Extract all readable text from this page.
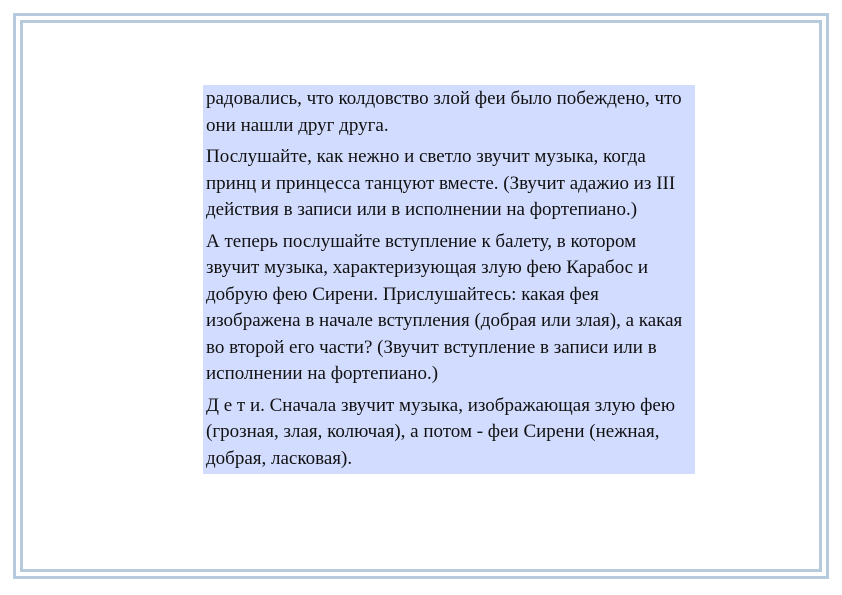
радовались, что колдовство злой феи было побеждено, что они нашли друг друга.

Послушайте, как нежно и светло звучит музыка, когда принц и принцесса танцуют вместе. (Звучит адажио из III действия в записи или в исполнении на фортепиано.)

А теперь послушайте вступление к балету, в котором звучит музыка, характеризующая злую фею Карабос и добрую фею Сирени. Прислушайтесь: какая фея изображена в начале вступления (добрая или злая), а какая во второй его части? (Звучит вступление в записи или в исполнении на фортепиано.)

Д е т и. Сначала звучит музыка, изображающая злую фею (грозная, злая, колючая), а потом - феи Сирени (нежная, добрая, ласковая).
